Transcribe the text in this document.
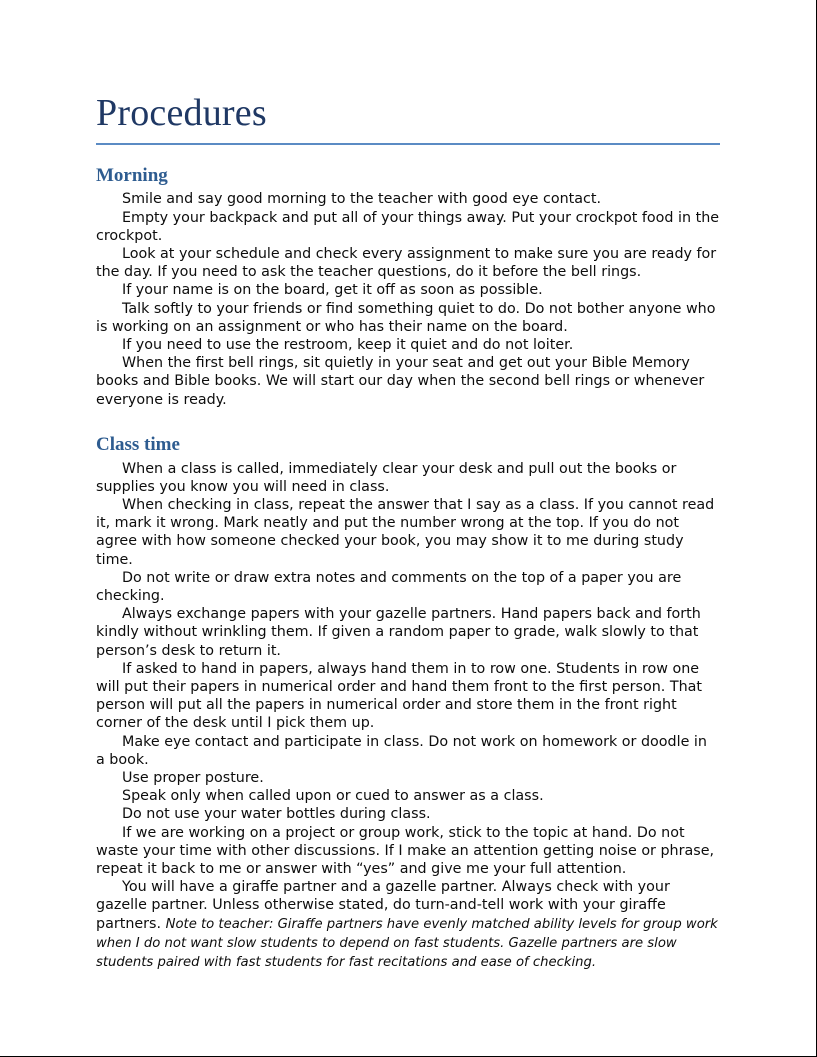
Procedures
Morning

Smile and say good morning to the teacher with good eye contact.

Empty your backpack and put all of your things away. Put your crockpot food in the crockpot.

Look at your schedule and check every assignment to make sure you are ready for the day. If you need to ask the teacher questions, do it before the bell rings.

If your name is on the board, get it off as soon as possible.

Talk softly to your friends or find something quiet to do. Do not bother anyone who is working on an assignment or who has their name on the board.

If you need to use the restroom, keep it quiet and do not loiter.

When the first bell rings, sit quietly in your seat and get out your Bible Memory books and Bible books. We will start our day when the second bell rings or whenever everyone is ready.

Class time

When a class is called, immediately clear your desk and pull out the books or supplies you know you will need in class.

When checking in class, repeat the answer that I say as a class. If you cannot read it, mark it wrong. Mark neatly and put the number wrong at the top. If you do not agree with how someone checked your book, you may show it to me during study time.

Do not write or draw extra notes and comments on the top of a paper you are checking.

Always exchange papers with your gazelle partners. Hand papers back and forth kindly without wrinkling them. If given a random paper to grade, walk slowly to that person’s desk to return it.

If asked to hand in papers, always hand them in to row one. Students in row one will put their papers in numerical order and hand them front to the first person. That person will put all the papers in numerical order and store them in the front right corner of the desk until I pick them up.

Make eye contact and participate in class. Do not work on homework or doodle in a book.

Use proper posture.

Speak only when called upon or cued to answer as a class.

Do not use your water bottles during class.

If we are working on a project or group work, stick to the topic at hand. Do not waste your time with other discussions. If I make an attention getting noise or phrase, repeat it back to me or answer with “yes” and give me your full attention.

You will have a giraffe partner and a gazelle partner. Always check with your gazelle partner. Unless otherwise stated, do turn-and-tell work with your giraffe partners. Note to teacher: Giraffe partners have evenly matched ability levels for group work when I do not want slow students to depend on fast students. Gazelle partners are slow students paired with fast students for fast recitations and ease of checking.
